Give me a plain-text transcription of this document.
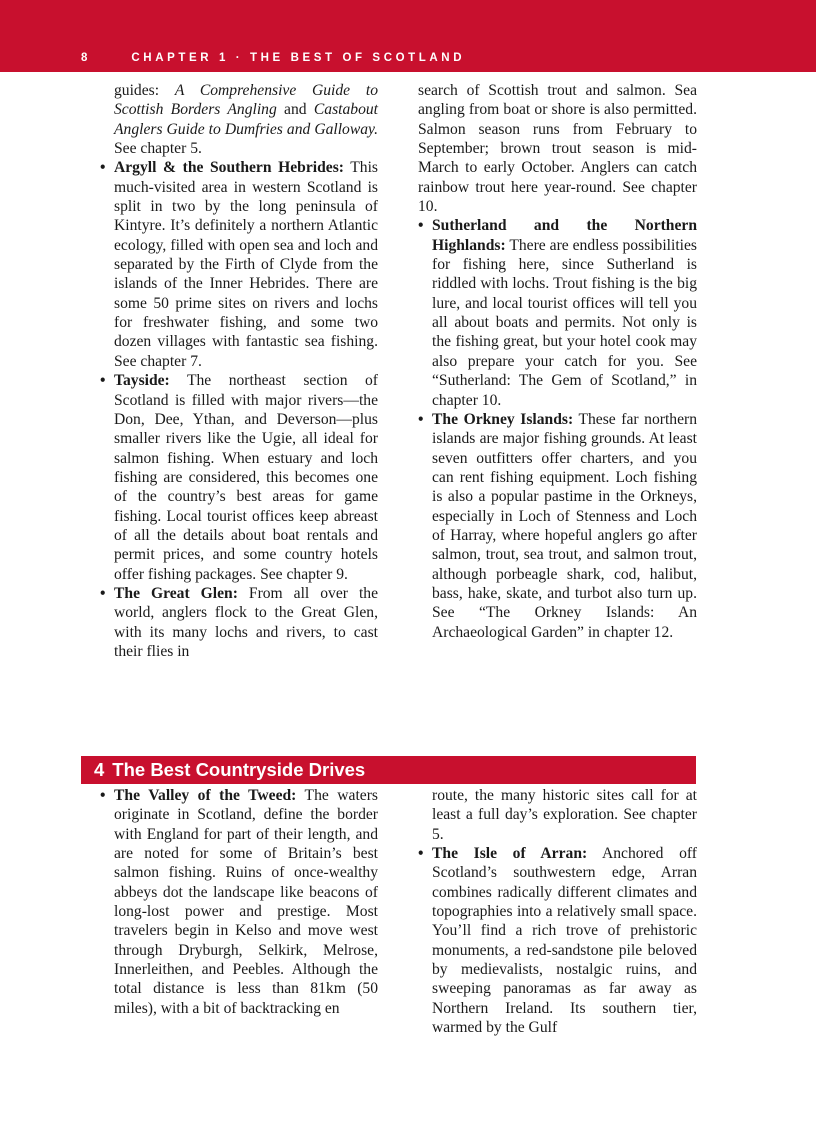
8	CHAPTER 1 · THE BEST OF SCOTLAND

guides: A Comprehensive Guide to Scottish Borders Angling and Castabout Anglers Guide to Dumfries and Galloway. See chapter 5.

• Argyll & the Southern Hebrides: This much-visited area in western Scotland is split in two by the long peninsula of Kintyre. It’s definitely a northern Atlantic ecology, filled with open sea and loch and separated by the Firth of Clyde from the islands of the Inner Hebrides. There are some 50 prime sites on rivers and lochs for freshwater fishing, and some two dozen villages with fantastic sea fishing. See chapter 7.

• Tayside: The northeast section of Scotland is filled with major rivers—the Don, Dee, Ythan, and Deverson—plus smaller rivers like the Ugie, all ideal for salmon fishing. When estuary and loch fishing are considered, this becomes one of the country’s best areas for game fishing. Local tourist offices keep abreast of all the details about boat rentals and permit prices, and some country hotels offer fishing packages. See chapter 9.

• The Great Glen: From all over the world, anglers flock to the Great Glen, with its many lochs and rivers, to cast their flies in

search of Scottish trout and salmon. Sea angling from boat or shore is also permitted. Salmon season runs from February to September; brown trout season is mid-March to early October. Anglers can catch rainbow trout here year-round. See chapter 10.

• Sutherland and the Northern Highlands: There are endless possibilities for fishing here, since Sutherland is riddled with lochs. Trout fishing is the big lure, and local tourist offices will tell you all about boats and permits. Not only is the fishing great, but your hotel cook may also prepare your catch for you. See “Sutherland: The Gem of Scotland,” in chapter 10.

• The Orkney Islands: These far northern islands are major fishing grounds. At least seven outfitters offer charters, and you can rent fishing equipment. Loch fishing is also a popular pastime in the Orkneys, especially in Loch of Stenness and Loch of Harray, where hopeful anglers go after salmon, trout, sea trout, and salmon trout, although porbeagle shark, cod, halibut, bass, hake, skate, and turbot also turn up. See “The Orkney Islands: An Archaeological Garden” in chapter 12.

4 The Best Countryside Drives

• The Valley of the Tweed: The waters originate in Scotland, define the border with England for part of their length, and are noted for some of Britain’s best salmon fishing. Ruins of once-wealthy abbeys dot the landscape like beacons of long-lost power and prestige. Most travelers begin in Kelso and move west through Dryburgh, Selkirk, Melrose, Innerleithen, and Peebles. Although the total distance is less than 81km (50 miles), with a bit of backtracking en

route, the many historic sites call for at least a full day’s exploration. See chapter 5.

• The Isle of Arran: Anchored off Scotland’s southwestern edge, Arran combines radically different climates and topographies into a relatively small space. You’ll find a rich trove of prehistoric monuments, a red-sandstone pile beloved by medievalists, nostalgic ruins, and sweeping panoramas as far away as Northern Ireland. Its southern tier, warmed by the Gulf
